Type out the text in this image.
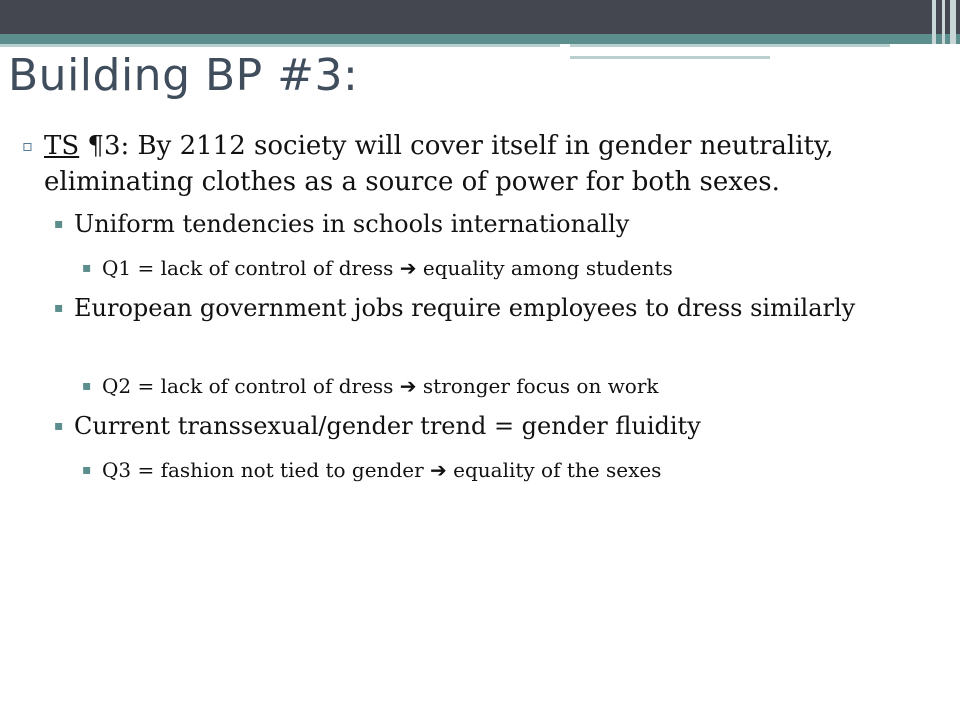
Building BP #3:
▫ TS ¶3: By 2112 society will cover itself in gender neutrality, eliminating clothes as a source of power for both sexes.
▪ Uniform tendencies in schools internationally
▪ Q1 = lack of control of dress ➔ equality among students
▪ European government jobs require employees to dress similarly
▪ Q2 = lack of control of dress ➔ stronger focus on work
▪ Current transsexual/gender trend = gender fluidity
▪ Q3 = fashion not tied to gender ➔ equality of the sexes
